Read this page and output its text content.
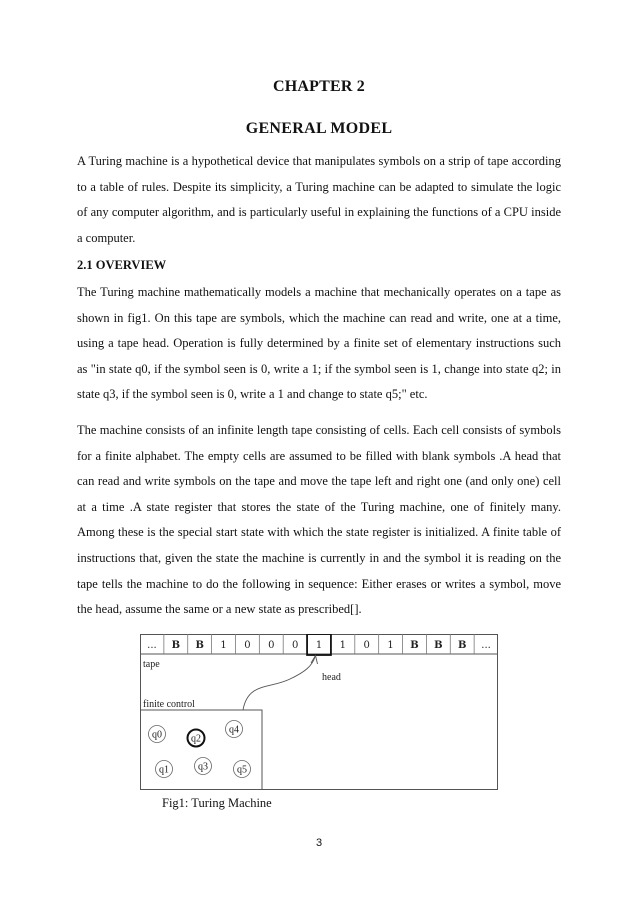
CHAPTER 2
GENERAL MODEL

A Turing machine is a hypothetical device that manipulates symbols on a strip of tape according to a table of rules. Despite its simplicity, a Turing machine can be adapted to simulate the logic of any computer algorithm, and is particularly useful in explaining the functions of a CPU inside a computer.

2.1 OVERVIEW

The Turing machine mathematically models a machine that mechanically operates on a tape as shown in fig1. On this tape are symbols, which the machine can read and write, one at a time, using a tape head. Operation is fully determined by a finite set of elementary instructions such as "in state q0, if the symbol seen is 0, write a 1; if the symbol seen is 1, change into state q2; in state q3, if the symbol seen is 0, write a 1 and change to state q5;" etc.

The machine consists of an infinite length tape consisting of cells. Each cell consists of symbols for a finite alphabet. The empty cells are assumed to be filled with blank symbols .A head that can read and write symbols on the tape and move the tape left and right one (and only one) cell at a time .A state register that stores the state of the Turing machine, one of finitely many. Among these is the special start state with which the state register is initialized. A finite table of instructions that, given the state the machine is currently in and the symbol it is reading on the tape tells the machine to do the following in sequence: Either erases or writes a symbol, move the head, assume the same or a new state as prescribed[].

... B B 1 0 0 0 1 1 0 1 B B B ...
tape
head
finite control
q0	q2
q4
q1	q3	q5
Fig1: Turing Machine
3
